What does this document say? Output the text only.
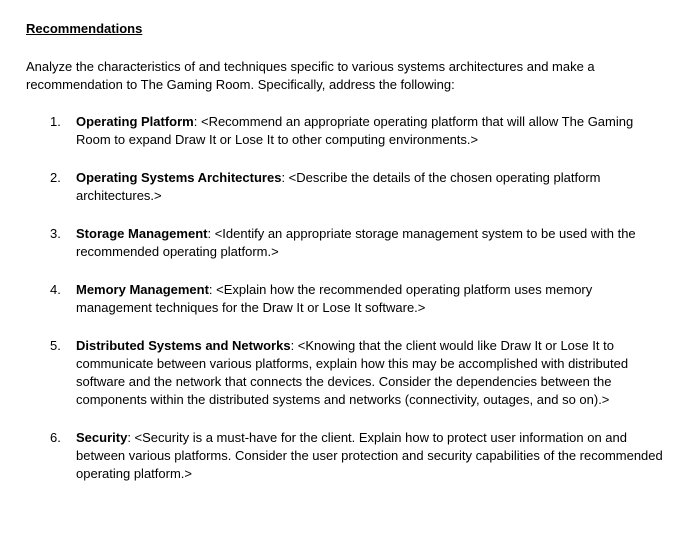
Recommendations
Analyze the characteristics of and techniques specific to various systems architectures and make a recommendation to The Gaming Room. Specifically, address the following:
1. Operating Platform: <Recommend an appropriate operating platform that will allow The Gaming Room to expand Draw It or Lose It to other computing environments.>
2. Operating Systems Architectures: <Describe the details of the chosen operating platform architectures.>
3. Storage Management: <Identify an appropriate storage management system to be used with the recommended operating platform.>
4. Memory Management: <Explain how the recommended operating platform uses memory management techniques for the Draw It or Lose It software.>
5. Distributed Systems and Networks: <Knowing that the client would like Draw It or Lose It to communicate between various platforms, explain how this may be accomplished with distributed software and the network that connects the devices. Consider the dependencies between the components within the distributed systems and networks (connectivity, outages, and so on).>
6. Security: <Security is a must-have for the client. Explain how to protect user information on and between various platforms. Consider the user protection and security capabilities of the recommended operating platform.>
